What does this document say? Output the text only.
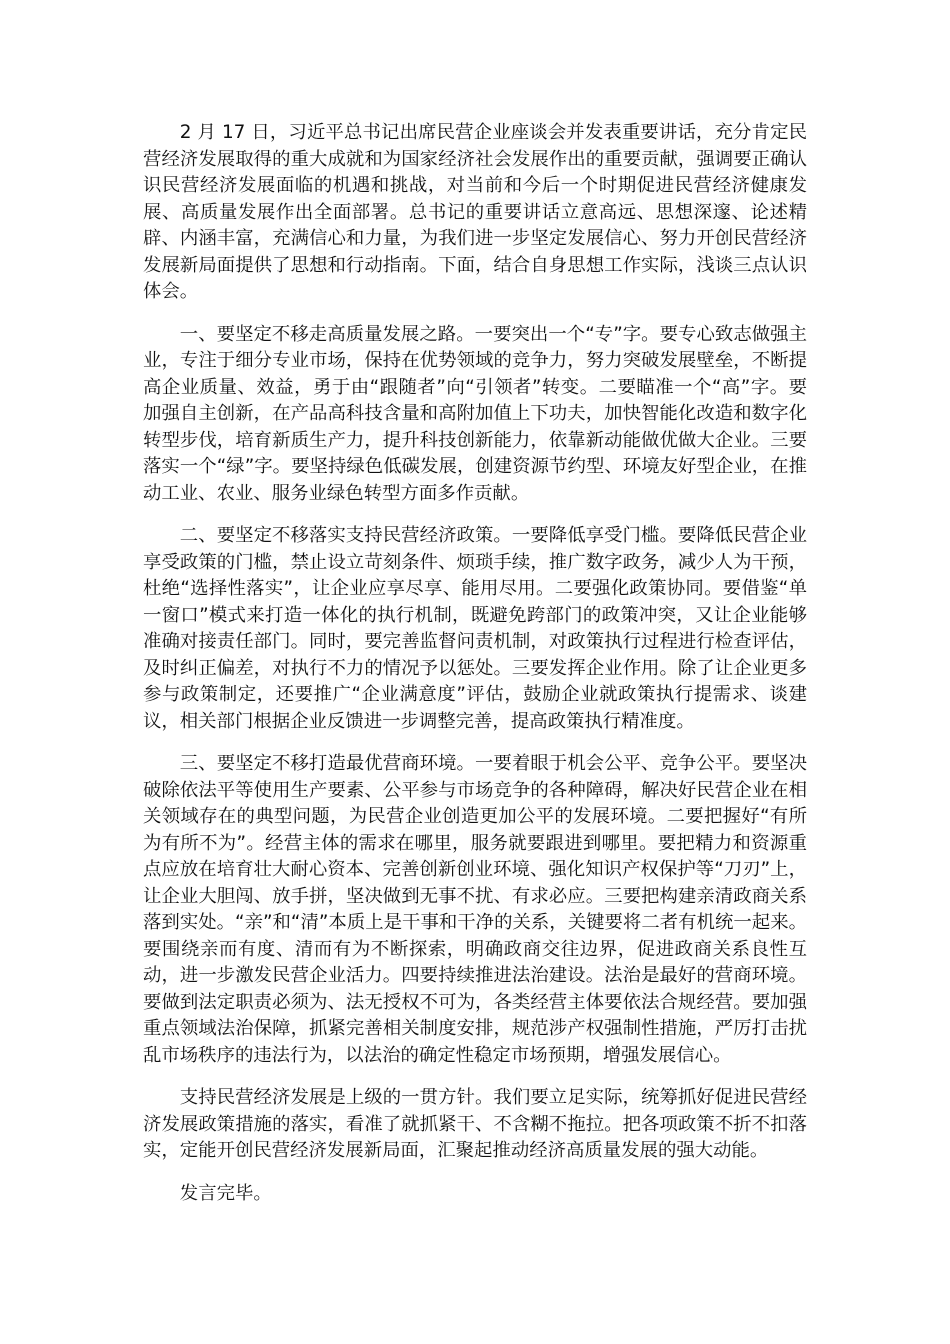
2 月 17 日，习近平总书记出席民营企业座谈会并发表重要讲话，充分肯定民营经济发展取得的重大成就和为国家经济社会发展作出的重要贡献，强调要正确认识民营经济发展面临的机遇和挑战，对当前和今后一个时期促进民营经济健康发展、高质量发展作出全面部署。总书记的重要讲话立意高远、思想深邃、论述精辟、内涵丰富，充满信心和力量，为我们进一步坚定发展信心、努力开创民营经济发展新局面提供了思想和行动指南。下面，结合自身思想工作实际，浅谈三点认识体会。

一、要坚定不移走高质量发展之路。一要突出一个“专”字。要专心致志做强主业，专注于细分专业市场，保持在优势领域的竞争力，努力突破发展壁垒，不断提高企业质量、效益，勇于由“跟随者”向“引领者”转变。二要瞄准一个“高”字。要加强自主创新，在产品高科技含量和高附加值上下功夫，加快智能化改造和数字化转型步伐，培育新质生产力，提升科技创新能力，依靠新动能做优做大企业。三要落实一个“绿”字。要坚持绿色低碳发展，创建资源节约型、环境友好型企业，在推动工业、农业、服务业绿色转型方面多作贡献。

二、要坚定不移落实支持民营经济政策。一要降低享受门槛。要降低民营企业享受政策的门槛，禁止设立苛刻条件、烦琐手续，推广数字政务，减少人为干预，杜绝“选择性落实”，让企业应享尽享、能用尽用。二要强化政策协同。要借鉴“单一窗口”模式来打造一体化的执行机制，既避免跨部门的政策冲突，又让企业能够准确对接责任部门。同时，要完善监督问责机制，对政策执行过程进行检查评估，及时纠正偏差，对执行不力的情况予以惩处。三要发挥企业作用。除了让企业更多参与政策制定，还要推广“企业满意度”评估，鼓励企业就政策执行提需求、谈建议，相关部门根据企业反馈进一步调整完善，提高政策执行精准度。

三、要坚定不移打造最优营商环境。一要着眼于机会公平、竞争公平。要坚决破除依法平等使用生产要素、公平参与市场竞争的各种障碍，解决好民营企业在相关领域存在的典型问题，为民营企业创造更加公平的发展环境。二要把握好“有所为有所不为”。经营主体的需求在哪里，服务就要跟进到哪里。要把精力和资源重点应放在培育壮大耐心资本、完善创新创业环境、强化知识产权保护等“刀刃”上，让企业大胆闯、放手拼，坚决做到无事不扰、有求必应。三要把构建亲清政商关系落到实处。“亲”和“清”本质上是干事和干净的关系，关键要将二者有机统一起来。要围绕亲而有度、清而有为不断探索，明确政商交往边界，促进政商关系良性互动，进一步激发民营企业活力。四要持续推进法治建设。法治是最好的营商环境。要做到法定职责必须为、法无授权不可为，各类经营主体要依法合规经营。要加强重点领域法治保障，抓紧完善相关制度安排，规范涉产权强制性措施，严厉打击扰乱市场秩序的违法行为，以法治的确定性稳定市场预期，增强发展信心。

支持民营经济发展是上级的一贯方针。我们要立足实际，统筹抓好促进民营经济发展政策措施的落实，看准了就抓紧干、不含糊不拖拉。把各项政策不折不扣落实，定能开创民营经济发展新局面，汇聚起推动经济高质量发展的强大动能。

发言完毕。
